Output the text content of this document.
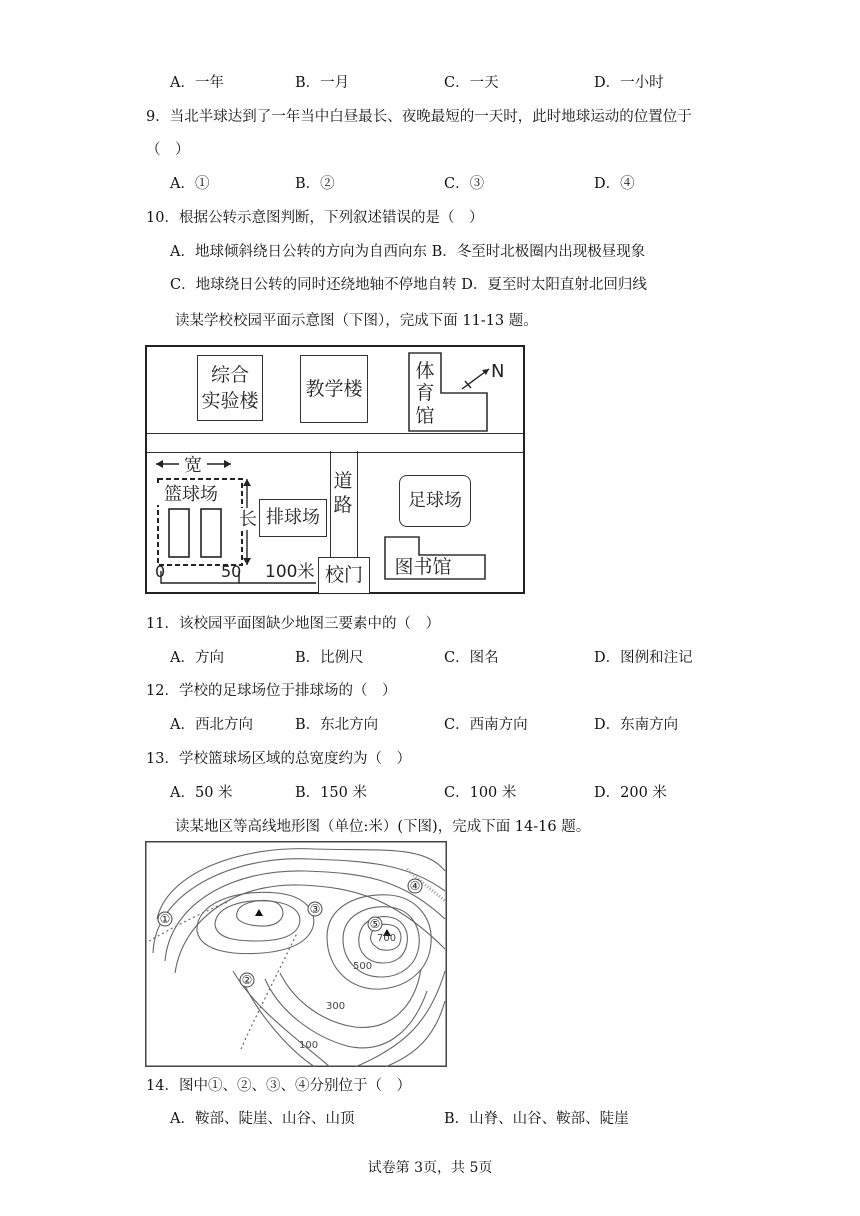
A．一年	B．一月	C．一天	D．一小时
9．当北半球达到了一年当中白昼最长、夜晚最短的一天时，此时地球运动的位置位于
（　）
A．①	B．②	C．③	D．④
10．根据公转示意图判断，下列叙述错误的是（　）
A．地球倾斜绕日公转的方向为自西向东 B．冬至时北极圈内出现极昼现象
C．地球绕日公转的同时还绕地轴不停地自转 D．夏至时太阳直射北回归线
读某学校校园平面示意图（下图），完成下面 11-13 题。
综合
实验楼
教学楼
体
育
馆
N
道
路
宽
篮球场
长 排球场
足球场
图书馆
校门
0	50 100米
11．该校园平面图缺少地图三要素中的（　）
A．方向	B．比例尺	C．图名	D．图例和注记
12．学校的足球场位于排球场的（　）
A．西北方向	B．东北方向	C．西南方向	D．东南方向
13．学校篮球场区域的总宽度约为（　）
A．50 米	B．150 米	C．100 米	D．200 米
读某地区等高线地形图（单位:米）(下图)，完成下面 14-16 题。
①
②
③
④
⑤
700
500
300
100
14．图中①、②、③、④分别位于（　）
A．鞍部、陡崖、山谷、山顶	B．山脊、山谷、鞍部、陡崖
试卷第 3页，共 5页
